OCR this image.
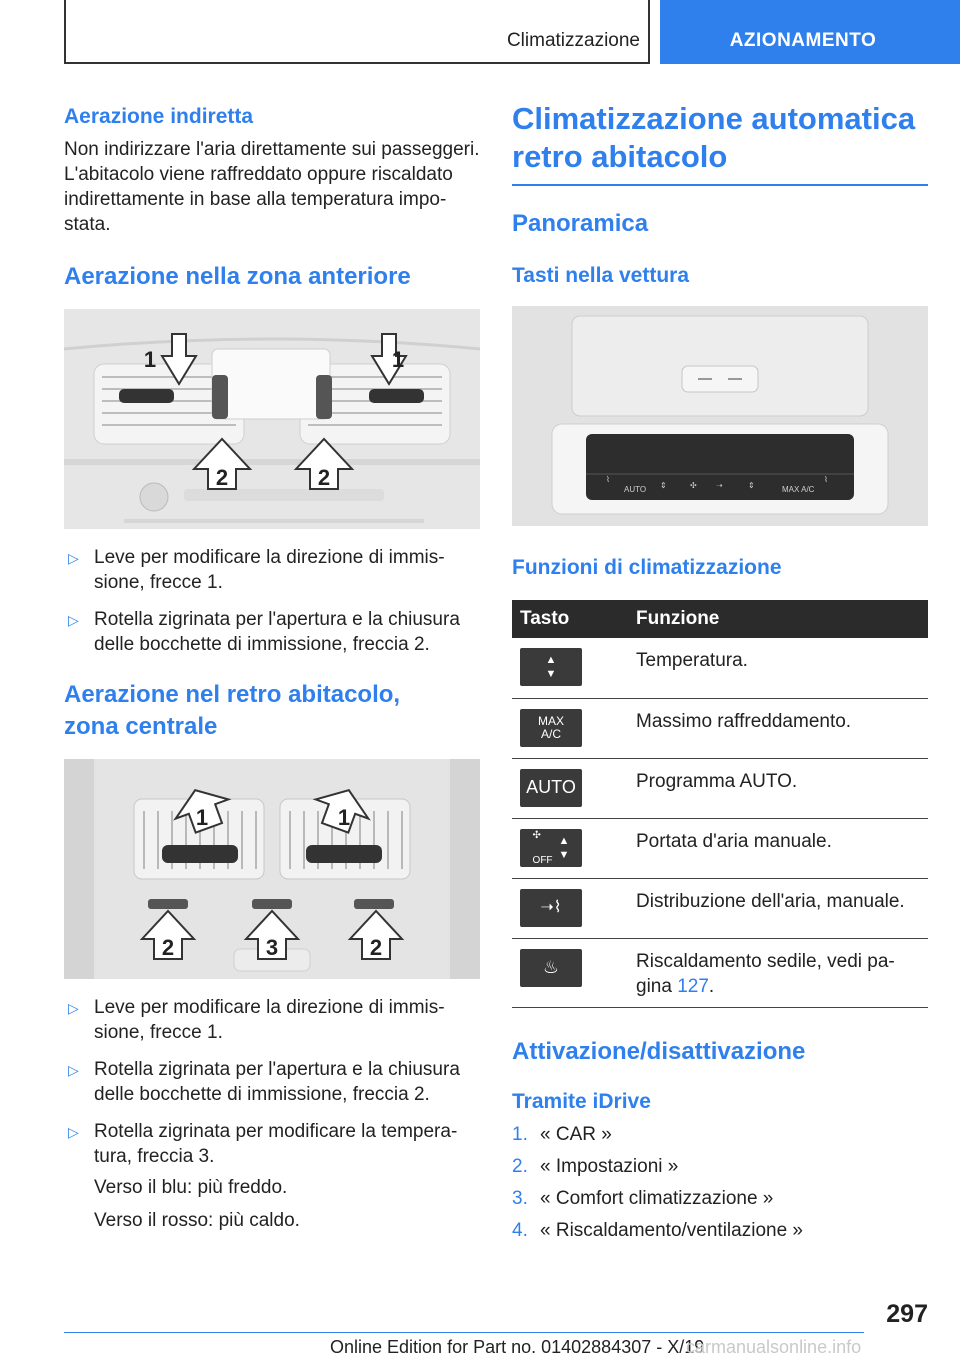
Climatizzazione	AZIONAMENTO
Aerazione indiretta
Non indirizzare l'aria direttamente sui passeggeri. L'abitacolo viene raffreddato oppure riscaldato indirettamente in base alla temperatura impo- stata.
Aerazione nella zona anteriore
1	1
2	2
▷ Leve per modificare la direzione di immis- sione, frecce 1.
▷ Rotella zigrinata per l'apertura e la chiusura delle bocchette di immissione, freccia 2.
Aerazione nel retro abitacolo, zona centrale
1	1
2	3	2
▷ Leve per modificare la direzione di immis- sione, frecce 1.
▷ Rotella zigrinata per l'apertura e la chiusura delle bocchette di immissione, freccia 2.
▷ Rotella zigrinata per modificare la tempera- tura, freccia 3.
Verso il blu: più freddo.
Verso il rosso: più caldo.
Climatizzazione automatica retro abitacolo
Panoramica
Tasti nella vettura
⌇
AUTO ⇕	✣ ➝	⇕	MAX A/C
⌇
Funzioni di climatizzazione
Tasto	Funzione

▲
▼	Temperatura.

MAX A/C	Massimo raffreddamento.

AUTO	Programma AUTO.

✣
OFF
▲
▼	Portata d'aria manuale.

➝⌇	Distribuzione dell'aria, manuale.

♨	Riscaldamento sedile, vedi pa- gina 127.
Attivazione/disattivazione
Tramite iDrive
1. « CAR »
2. « Impostazioni »
3. « Comfort climatizzazione »
4. « Riscaldamento/ventilazione »
297
Online Edition for Part no. 01402884307 - X/19
carmanualsonline.info
